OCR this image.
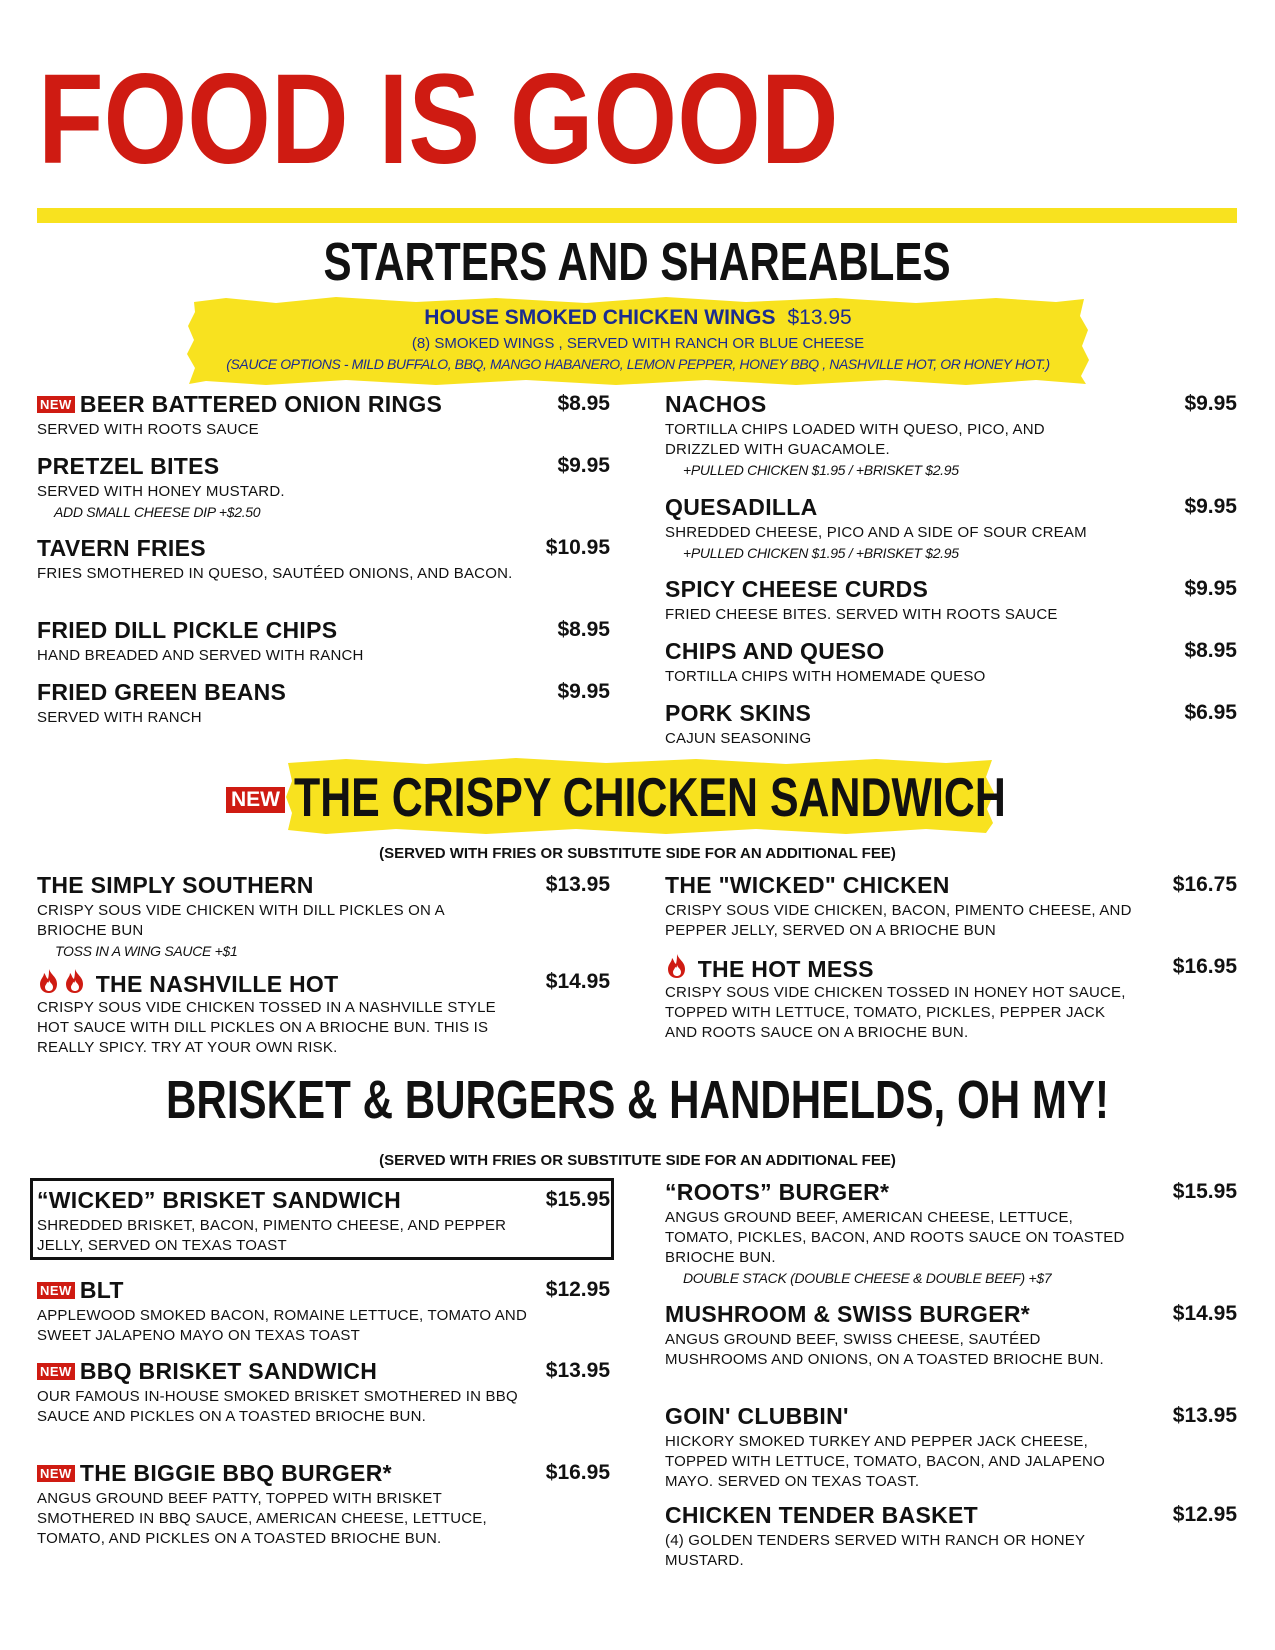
FOOD IS GOOD
STARTERS AND SHAREABLES
HOUSE SMOKED CHICKEN WINGS $13.95
(8) SMOKED WINGS , SERVED WITH RANCH OR BLUE CHEESE
(SAUCE OPTIONS - MILD BUFFALO, BBQ, MANGO HABANERO, LEMON PEPPER, HONEY BBQ , NASHVILLE HOT, OR HONEY HOT.)
NEW BEER BATTERED ONION RINGS	$8.95
SERVED WITH ROOTS SAUCE
PRETZEL BITES	$9.95
SERVED WITH HONEY MUSTARD.
ADD SMALL CHEESE DIP +$2.50
TAVERN FRIES	$10.95
FRIES SMOTHERED IN QUESO, SAUTÉED ONIONS, AND BACON.
FRIED DILL PICKLE CHIPS	$8.95
HAND BREADED AND SERVED WITH RANCH
FRIED GREEN BEANS	$9.95
SERVED WITH RANCH
NACHOS	$9.95
TORTILLA CHIPS LOADED WITH QUESO, PICO, AND DRIZZLED WITH GUACAMOLE.
+PULLED CHICKEN $1.95 / +BRISKET $2.95
QUESADILLA	$9.95
SHREDDED CHEESE, PICO AND A SIDE OF SOUR CREAM
+PULLED CHICKEN $1.95 / +BRISKET $2.95
SPICY CHEESE CURDS	$9.95
FRIED CHEESE BITES. SERVED WITH ROOTS SAUCE
CHIPS AND QUESO	$8.95
TORTILLA CHIPS WITH HOMEMADE QUESO
PORK SKINS	$6.95
CAJUN SEASONING
NEW THE CRISPY CHICKEN SANDWICH
(SERVED WITH FRIES OR SUBSTITUTE SIDE FOR AN ADDITIONAL FEE)
THE SIMPLY SOUTHERN	$13.95
CRISPY SOUS VIDE CHICKEN WITH DILL PICKLES ON A BRIOCHE BUN
TOSS IN A WING SAUCE +$1
THE NASHVILLE HOT	$14.95
CRISPY SOUS VIDE CHICKEN TOSSED IN A NASHVILLE STYLE HOT SAUCE WITH DILL PICKLES ON A BRIOCHE BUN. THIS IS REALLY SPICY. TRY AT YOUR OWN RISK.
THE "WICKED" CHICKEN	$16.75
CRISPY SOUS VIDE CHICKEN, BACON, PIMENTO CHEESE, AND PEPPER JELLY, SERVED ON A BRIOCHE BUN
THE HOT MESS	$16.95
CRISPY SOUS VIDE CHICKEN TOSSED IN HONEY HOT SAUCE, TOPPED WITH LETTUCE, TOMATO, PICKLES, PEPPER JACK AND ROOTS SAUCE ON A BRIOCHE BUN.
BRISKET & BURGERS & HANDHELDS, OH MY!
(SERVED WITH FRIES OR SUBSTITUTE SIDE FOR AN ADDITIONAL FEE)
“WICKED” BRISKET SANDWICH	$15.95
SHREDDED BRISKET, BACON, PIMENTO CHEESE, AND PEPPER JELLY, SERVED ON TEXAS TOAST
NEW BLT	$12.95
APPLEWOOD SMOKED BACON, ROMAINE LETTUCE, TOMATO AND SWEET JALAPENO MAYO ON TEXAS TOAST
NEW BBQ BRISKET SANDWICH	$13.95
OUR FAMOUS IN-HOUSE SMOKED BRISKET SMOTHERED IN BBQ SAUCE AND PICKLES ON A TOASTED BRIOCHE BUN.
NEW THE BIGGIE BBQ BURGER*	$16.95
ANGUS GROUND BEEF PATTY, TOPPED WITH BRISKET SMOTHERED IN BBQ SAUCE, AMERICAN CHEESE, LETTUCE, TOMATO, AND PICKLES ON A TOASTED BRIOCHE BUN.
“ROOTS” BURGER*	$15.95
ANGUS GROUND BEEF, AMERICAN CHEESE, LETTUCE, TOMATO, PICKLES, BACON, AND ROOTS SAUCE ON TOASTED BRIOCHE BUN.
DOUBLE STACK (DOUBLE CHEESE & DOUBLE BEEF) +$7
MUSHROOM & SWISS BURGER*	$14.95
ANGUS GROUND BEEF, SWISS CHEESE, SAUTÉED MUSHROOMS AND ONIONS, ON A TOASTED BRIOCHE BUN.
GOIN' CLUBBIN'	$13.95
HICKORY SMOKED TURKEY AND PEPPER JACK CHEESE, TOPPED WITH LETTUCE, TOMATO, BACON, AND JALAPENO MAYO. SERVED ON TEXAS TOAST.
CHICKEN TENDER BASKET	$12.95
(4) GOLDEN TENDERS SERVED WITH RANCH OR HONEY MUSTARD.
